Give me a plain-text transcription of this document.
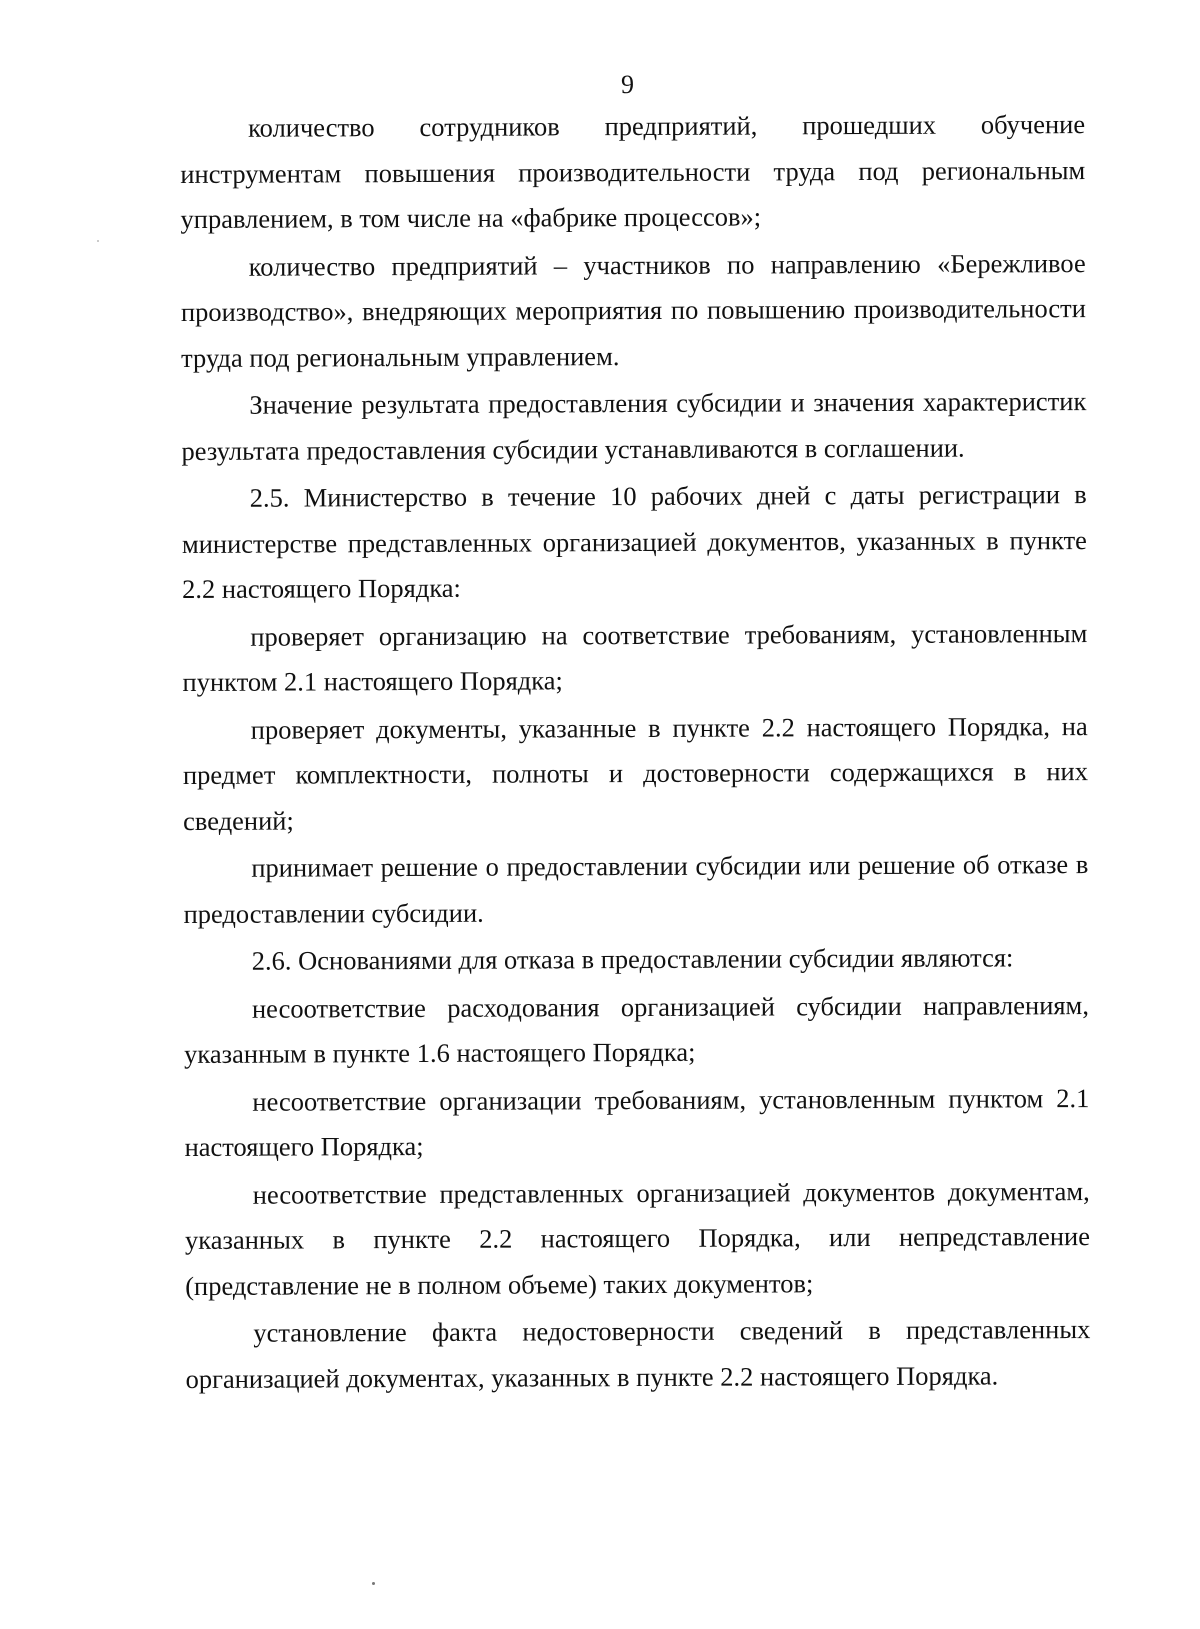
9

количество сотрудников предприятий, прошедших обучение инструментам повышения производительности труда под региональным управлением, в том числе на «фабрике процессов»;

количество предприятий – участников по направлению «Бережливое производство», внедряющих мероприятия по повышению производительности труда под региональным управлением.

Значение результата предоставления субсидии и значения характеристик результата предоставления субсидии устанавливаются в соглашении.

2.5. Министерство в течение 10 рабочих дней с даты регистрации в министерстве представленных организацией документов, указанных в пункте 2.2 настоящего Порядка:

проверяет организацию на соответствие требованиям, установленным пунктом 2.1 настоящего Порядка;

проверяет документы, указанные в пункте 2.2 настоящего Порядка, на предмет комплектности, полноты и достоверности содержащихся в них сведений;

принимает решение о предоставлении субсидии или решение об отказе в предоставлении субсидии.

2.6. Основаниями для отказа в предоставлении субсидии являются:

несоответствие расходования организацией субсидии направлениям, указанным в пункте 1.6 настоящего Порядка;

несоответствие организации требованиям, установленным пунктом 2.1 настоящего Порядка;

несоответствие представленных организацией документов документам, указанных в пункте 2.2 настоящего Порядка, или непредставление (представление не в полном объеме) таких документов;

установление факта недостоверности сведений в представленных организацией документах, указанных в пункте 2.2 настоящего Порядка.
